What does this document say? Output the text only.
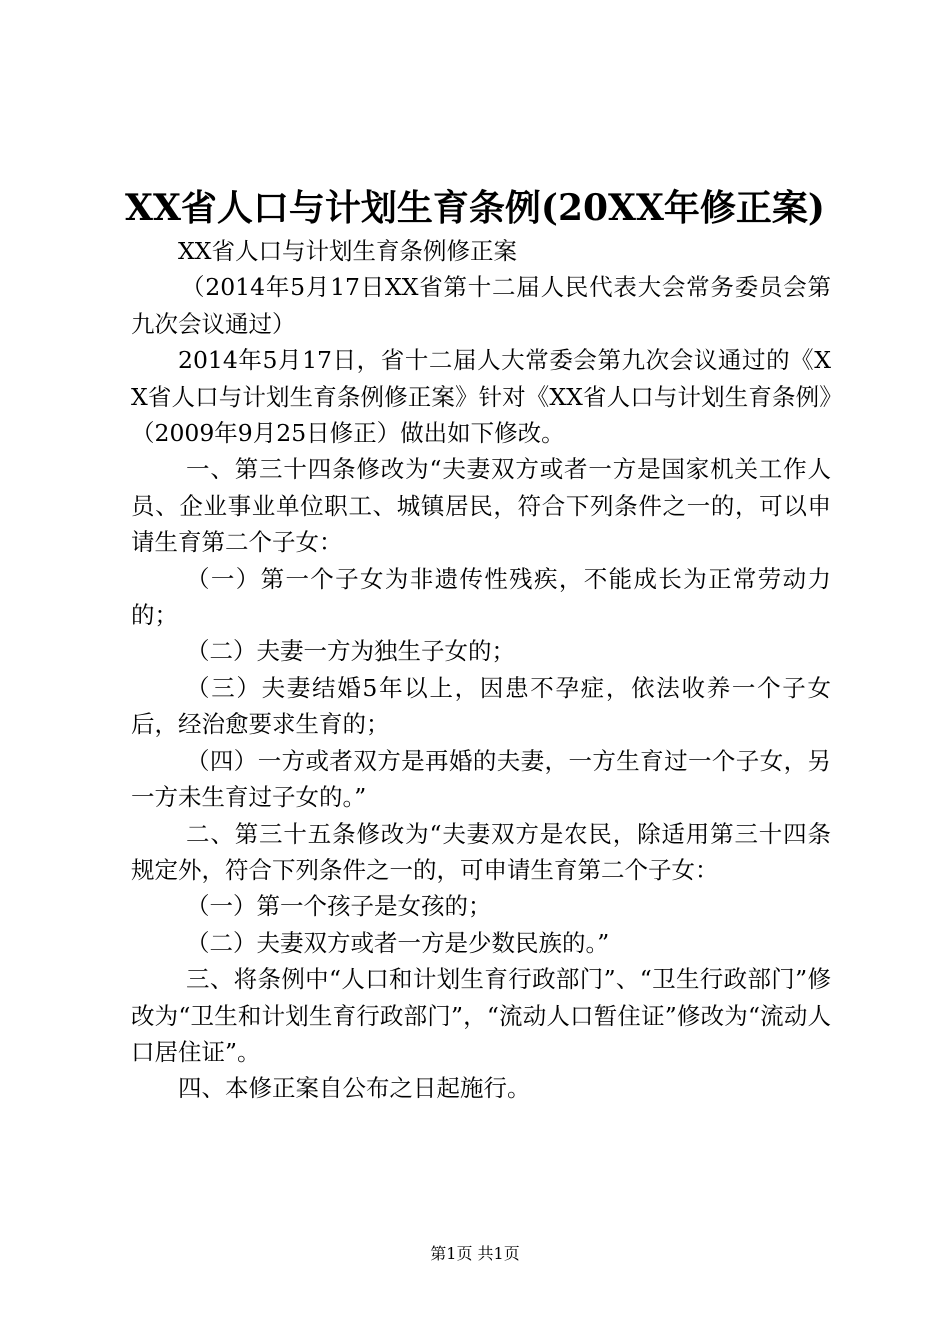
XX省人口与计划生育条例(20XX年修正案)

XX省人口与计划生育条例修正案

（2014年5月17日XX省第十二届人民代表大会常务委员会第九次会议通过）

2014年5月17日，省十二届人大常委会第九次会议通过的《XX省人口与计划生育条例修正案》针对《XX省人口与计划生育条例》（2009年9月25日修正）做出如下修改。

一、第三十四条修改为“夫妻双方或者一方是国家机关工作人员、企业事业单位职工、城镇居民，符合下列条件之一的，可以申请生育第二个子女：

（一）第一个子女为非遗传性残疾，不能成长为正常劳动力的；

（二）夫妻一方为独生子女的；

（三）夫妻结婚5年以上，因患不孕症，依法收养一个子女后，经治愈要求生育的；

（四）一方或者双方是再婚的夫妻，一方生育过一个子女，另一方未生育过子女的。”

二、第三十五条修改为“夫妻双方是农民，除适用第三十四条规定外，符合下列条件之一的，可申请生育第二个子女：

（一）第一个孩子是女孩的；

（二）夫妻双方或者一方是少数民族的。”

三、将条例中“人口和计划生育行政部门”、“卫生行政部门”修改为“卫生和计划生育行政部门”，“流动人口暂住证”修改为“流动人口居住证”。

四、本修正案自公布之日起施行。

第1页 共1页
